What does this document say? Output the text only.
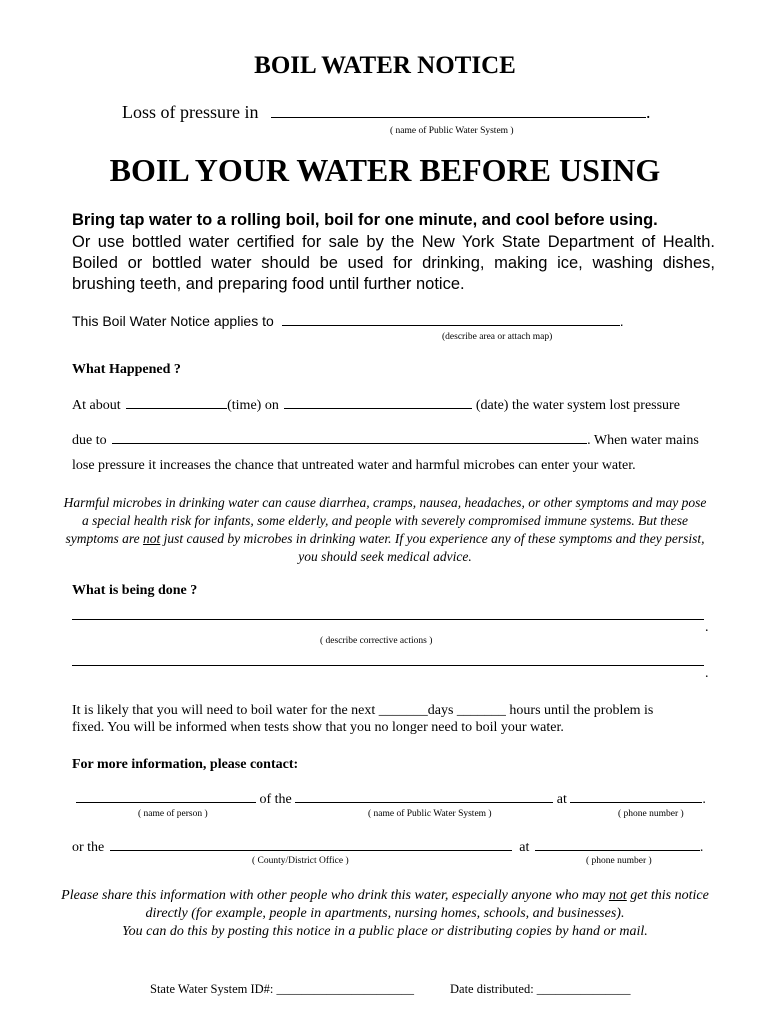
BOIL WATER NOTICE
Loss of pressure in	.
( name of Public Water System )
BOIL YOUR WATER BEFORE USING
Bring tap water to a rolling boil, boil for one minute, and cool before using.
Or use bottled water certified for sale by the New York State Department of Health. Boiled or bottled water should be used for drinking, making ice, washing dishes, brushing teeth, and preparing food until further notice.
This Boil Water Notice applies to	.
(describe area or attach map)
What Happened ?
At about	(time) on	(date) the water system lost pressure
due to	. When water mains
lose pressure it increases the chance that untreated water and harmful microbes can enter your water.
Harmful microbes in drinking water can cause diarrhea, cramps, nausea, headaches, or other symptoms and may pose a special health risk for infants, some elderly, and people with severely compromised immune systems. But these symptoms are not just caused by microbes in drinking water. If you experience any of these symptoms and they persist, you should seek medical advice.
What is being done ?
.
( describe corrective actions )
.
It is likely that you will need to boil water for the next _______days _______ hours until the problem is
fixed. You will be informed when tests show that you no longer need to boil your water.
For more information, please contact:
of the	at	.
( name of person )	( name of Public Water System )	( phone number )
or the	at	.
( County/District Office )	( phone number )
Please share this information with other people who drink this water, especially anyone who may not get this notice directly (for example, people in apartments, nursing homes, schools, and businesses).
You can do this by posting this notice in a public place or distributing copies by hand or mail.
State Water System ID#: ______________________	Date distributed: _______________
